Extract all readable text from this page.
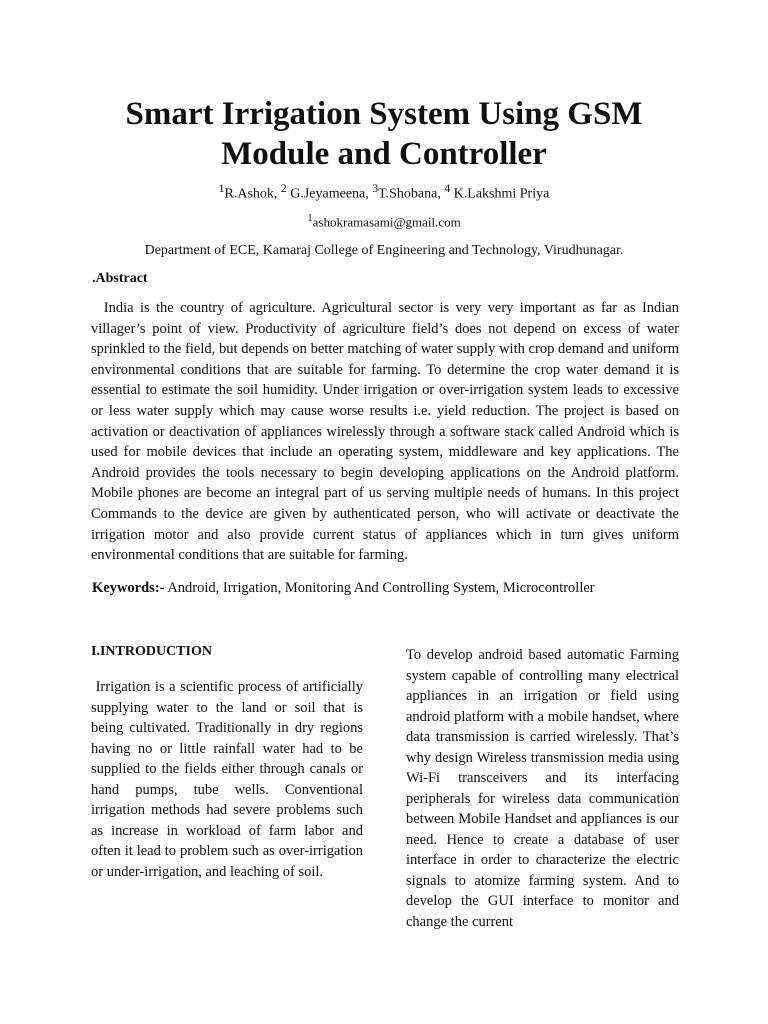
Smart Irrigation System Using GSM
Module and Controller
$^1$R.Ashok, $^2$ G.Jeyameena, $^3$T.Shobana, $^4$ K.Lakshmi Priya
$^1$ashokramasami@gmail.com
Department of ECE, Kamaraj College of Engineering and Technology, Virudhunagar.
.Abstract

India is the country of agriculture. Agricultural sector is very very important as far as Indian villager’s point of view. Productivity of agriculture field’s does not depend on excess of water sprinkled to the field, but depends on better matching of water supply with crop demand and uniform environmental conditions that are suitable for farming. To determine the crop water demand it is essential to estimate the soil humidity. Under irrigation or over-irrigation system leads to excessive or less water supply which may cause worse results i.e. yield reduction. The project is based on activation or deactivation of appliances wirelessly through a software stack called Android which is used for mobile devices that include an operating system, middleware and key applications. The Android provides the tools necessary to begin developing applications on the Android platform. Mobile phones are become an integral part of us serving multiple needs of humans. In this project Commands to the device are given by authenticated person, who will activate or deactivate the irrigation motor and also provide current status of appliances which in turn gives uniform environmental conditions that are suitable for farming.

Keywords:- Android, Irrigation, Monitoring And Controlling System, Microcontroller
I.INTRODUCTION

Irrigation is a scientific process of artificially supplying water to the land or soil that is being cultivated. Traditionally in dry regions having no or little rainfall water had to be supplied to the fields either through canals or hand pumps, tube wells. Conventional irrigation methods had severe problems such as increase in workload of farm labor and often it lead to problem such as over-irrigation or under-irrigation, and leaching of soil.

To develop android based automatic Farming system capable of controlling many electrical appliances in an irrigation or field using android platform with a mobile handset, where data transmission is carried wirelessly. That’s why design Wireless transmission media using Wi-Fi transceivers and its interfacing peripherals for wireless data communication between Mobile Handset and appliances is our need. Hence to create a database of user interface in order to characterize the electric signals to atomize farming system. And to develop the GUI interface to monitor and change the current
